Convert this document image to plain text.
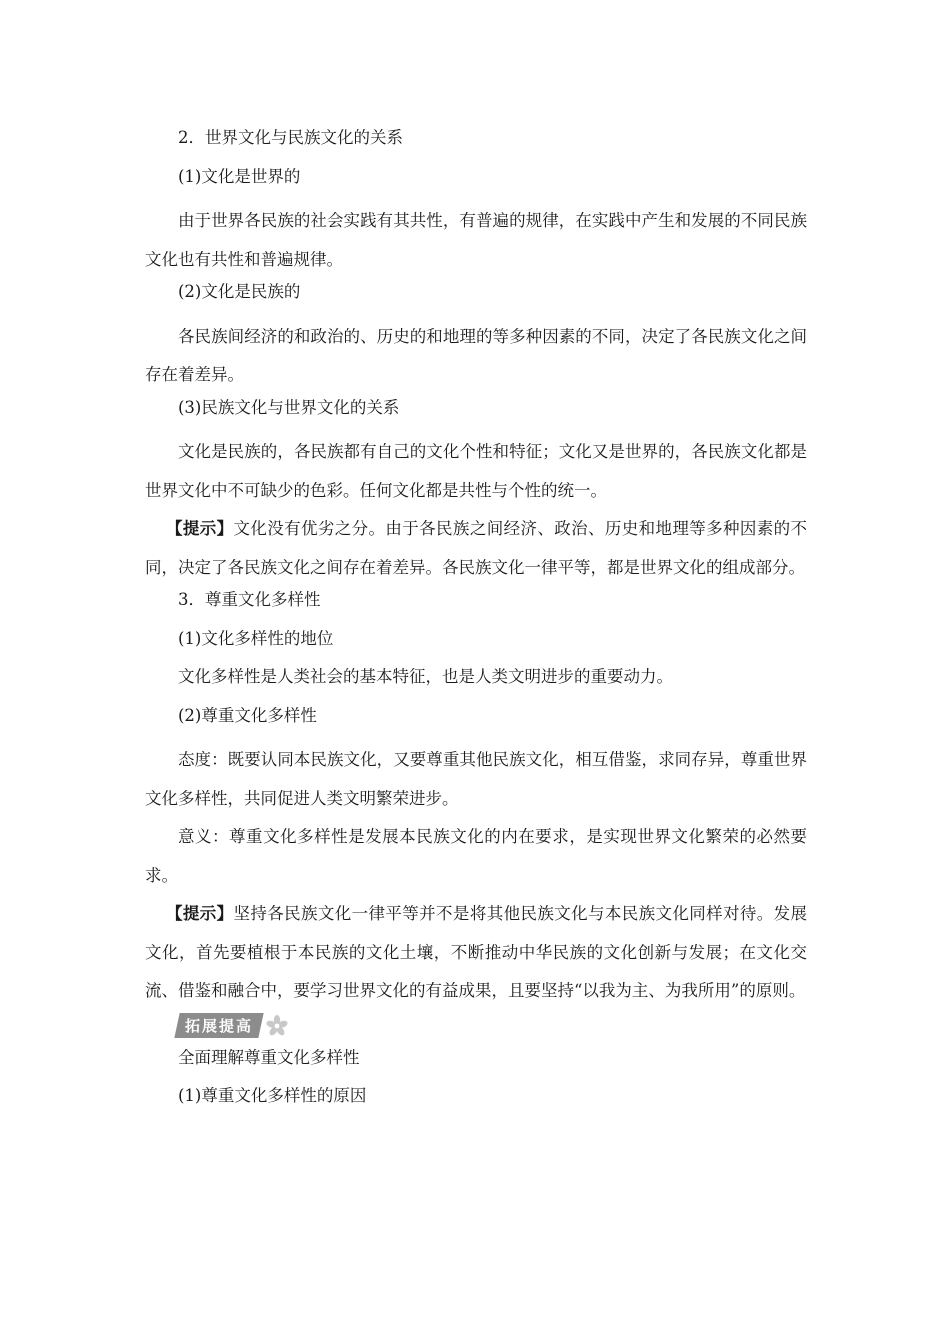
2．世界文化与民族文化的关系

(1)文化是世界的

由于世界各民族的社会实践有其共性，有普遍的规律，在实践中产生和发展的不同民族文化也有共性和普遍规律。

(2)文化是民族的

各民族间经济的和政治的、历史的和地理的等多种因素的不同，决定了各民族文化之间存在着差异。

(3)民族文化与世界文化的关系

文化是民族的，各民族都有自己的文化个性和特征；文化又是世界的，各民族文化都是世界文化中不可缺少的色彩。任何文化都是共性与个性的统一。

【提示】文化没有优劣之分。由于各民族之间经济、政治、历史和地理等多种因素的不同，决定了各民族文化之间存在着差异。各民族文化一律平等，都是世界文化的组成部分。

3．尊重文化多样性

(1)文化多样性的地位

文化多样性是人类社会的基本特征，也是人类文明进步的重要动力。

(2)尊重文化多样性

态度：既要认同本民族文化，又要尊重其他民族文化，相互借鉴，求同存异，尊重世界文化多样性，共同促进人类文明繁荣进步。

意义：尊重文化多样性是发展本民族文化的内在要求，是实现世界文化繁荣的必然要求。

【提示】坚持各民族文化一律平等并不是将其他民族文化与本民族文化同样对待。发展文化，首先要植根于本民族的文化土壤，不断推动中华民族的文化创新与发展；在文化交流、借鉴和融合中，要学习世界文化的有益成果，且要坚持“以我为主、为我所用”的原则。

拓展提高

全面理解尊重文化多样性

(1)尊重文化多样性的原因
